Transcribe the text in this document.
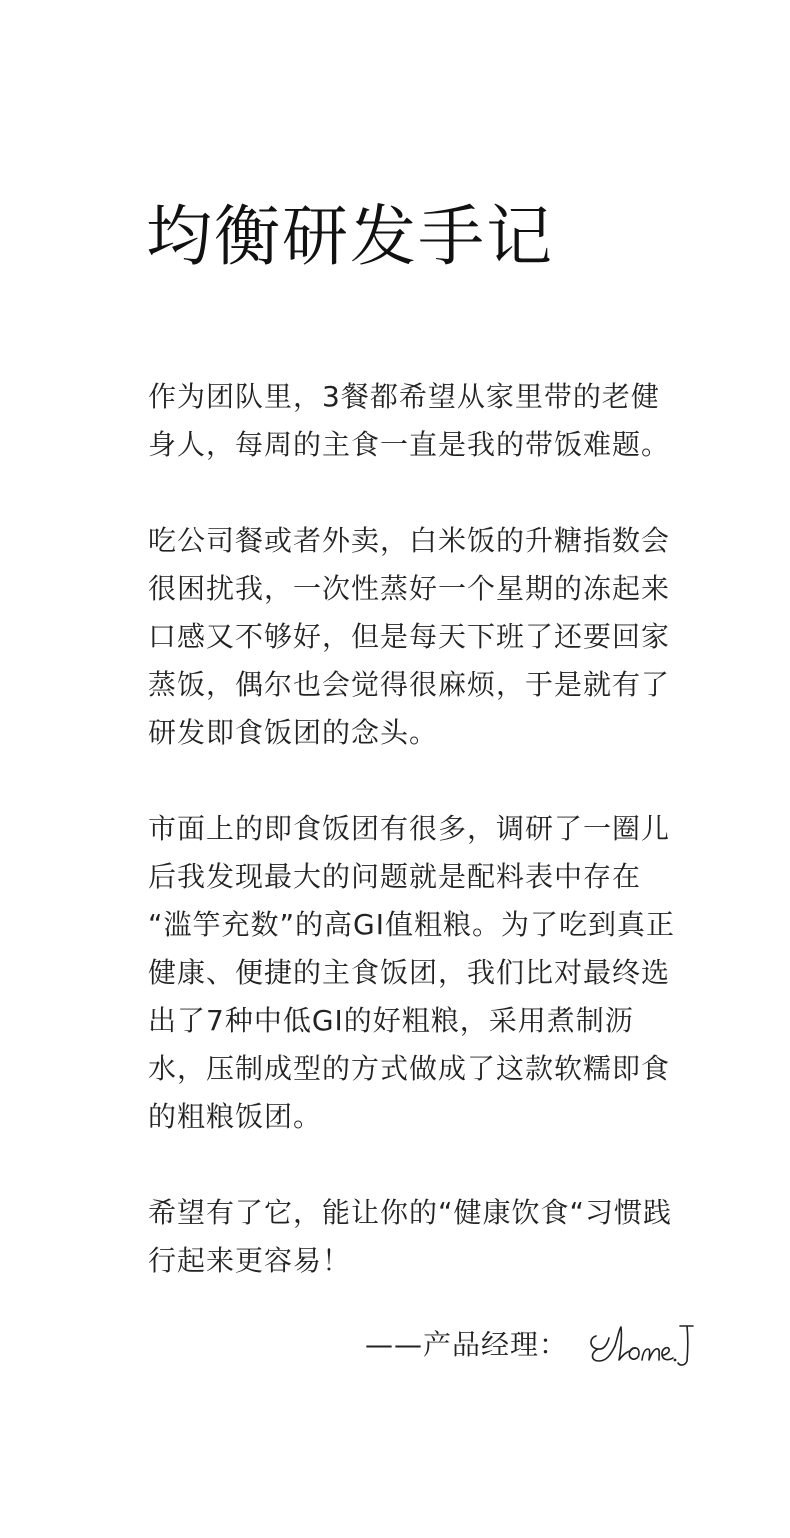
均衡研发手记

作为团队里，3餐都希望从家里带的老健
身人，每周的主食一直是我的带饭难题。

吃公司餐或者外卖，白米饭的升糖指数会
很困扰我，一次性蒸好一个星期的冻起来
口感又不够好，但是每天下班了还要回家
蒸饭，偶尔也会觉得很麻烦，于是就有了
研发即食饭团的念头。

市面上的即食饭团有很多，调研了一圈儿
后我发现最大的问题就是配料表中存在
“滥竽充数”的高GI值粗粮。为了吃到真正
健康、便捷的主食饭团，我们比对最终选
出了7种中低GI的好粗粮，采用煮制沥
水，压制成型的方式做成了这款软糯即食
的粗粮饭团。

希望有了它，能让你的“健康饮食“习惯践
行起来更容易！

——产品经理：
